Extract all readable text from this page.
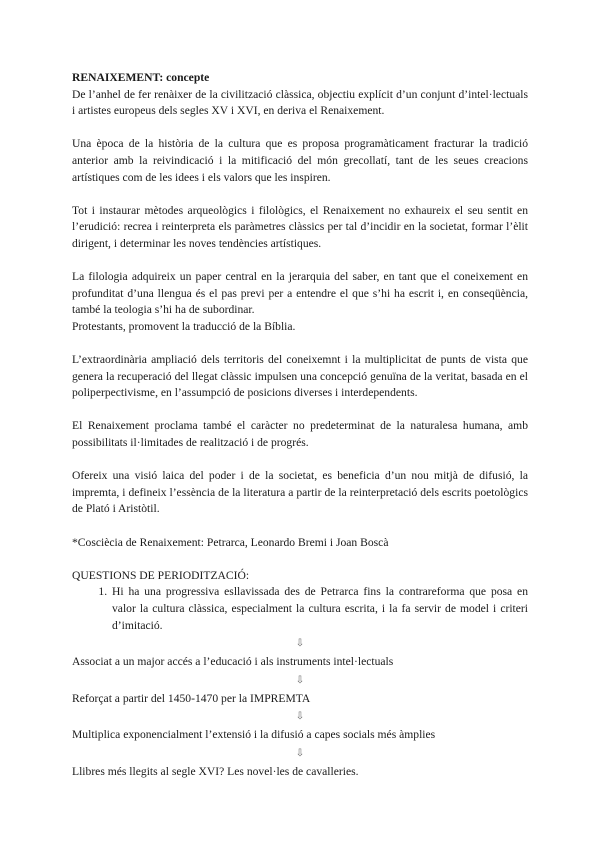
RENAIXEMENT: concepte

De l’anhel de fer renàixer de la civilització clàssica, objectiu explícit d’un conjunt d’intel·lectuals i artistes europeus dels segles XV i XVI, en deriva el Renaixement.

Una època de la història de la cultura que es proposa programàticament fracturar la tradició anterior amb la reivindicació i la mitificació del món grecollatí, tant de les seues creacions artístiques com de les idees i els valors que les inspiren.

Tot i instaurar mètodes arqueològics i filològics, el Renaixement no exhaureix el seu sentit en l’erudició: recrea i reinterpreta els paràmetres clàssics per tal d’incidir en la societat, formar l’èlit dirigent, i determinar les noves tendències artístiques.

La filologia adquireix un paper central en la jerarquia del saber, en tant que el coneixement en profunditat d’una llengua és el pas previ per a entendre el que s’hi ha escrit i, en conseqüència, també la teologia s’hi ha de subordinar.

Protestants, promovent la traducció de la Bíblia.

L’extraordinària ampliació dels territoris del coneixemnt i la multiplicitat de punts de vista que genera la recuperació del llegat clàssic impulsen una concepció genuïna de la veritat, basada en el poliperpectivisme, en l’assumpció de posicions diverses i interdependents.

El Renaixement proclama també el caràcter no predeterminat de la naturalesa humana, amb possibilitats il·limitades de realització i de progrés.

Ofereix una visió laica del poder i de la societat, es beneficia d’un nou mitjà de difusió, la impremta, i defineix l’essència de la literatura a partir de la reinterpretació dels escrits poetològics de Plató i Aristòtil.

*Cosciècia de Renaixement: Petrarca, Leonardo Bremi i Joan Boscà

QUESTIONS DE PERIODITZACIÓ:

1. Hi ha una progressiva esllavissada des de Petrarca fins la contrareforma que posa en valor la cultura clàssica, especialment la cultura escrita, i la fa servir de model i criteri d’imitació.
⇩

Associat a un major accés a l’educació i als instruments intel·lectuals

⇩

Reforçat a partir del 1450-1470 per la IMPREMTA

⇩

Multiplica exponencialment l’extensió i la difusió a capes socials més àmplies

⇩

Llibres més llegits al segle XVI? Les novel·les de cavalleries.
